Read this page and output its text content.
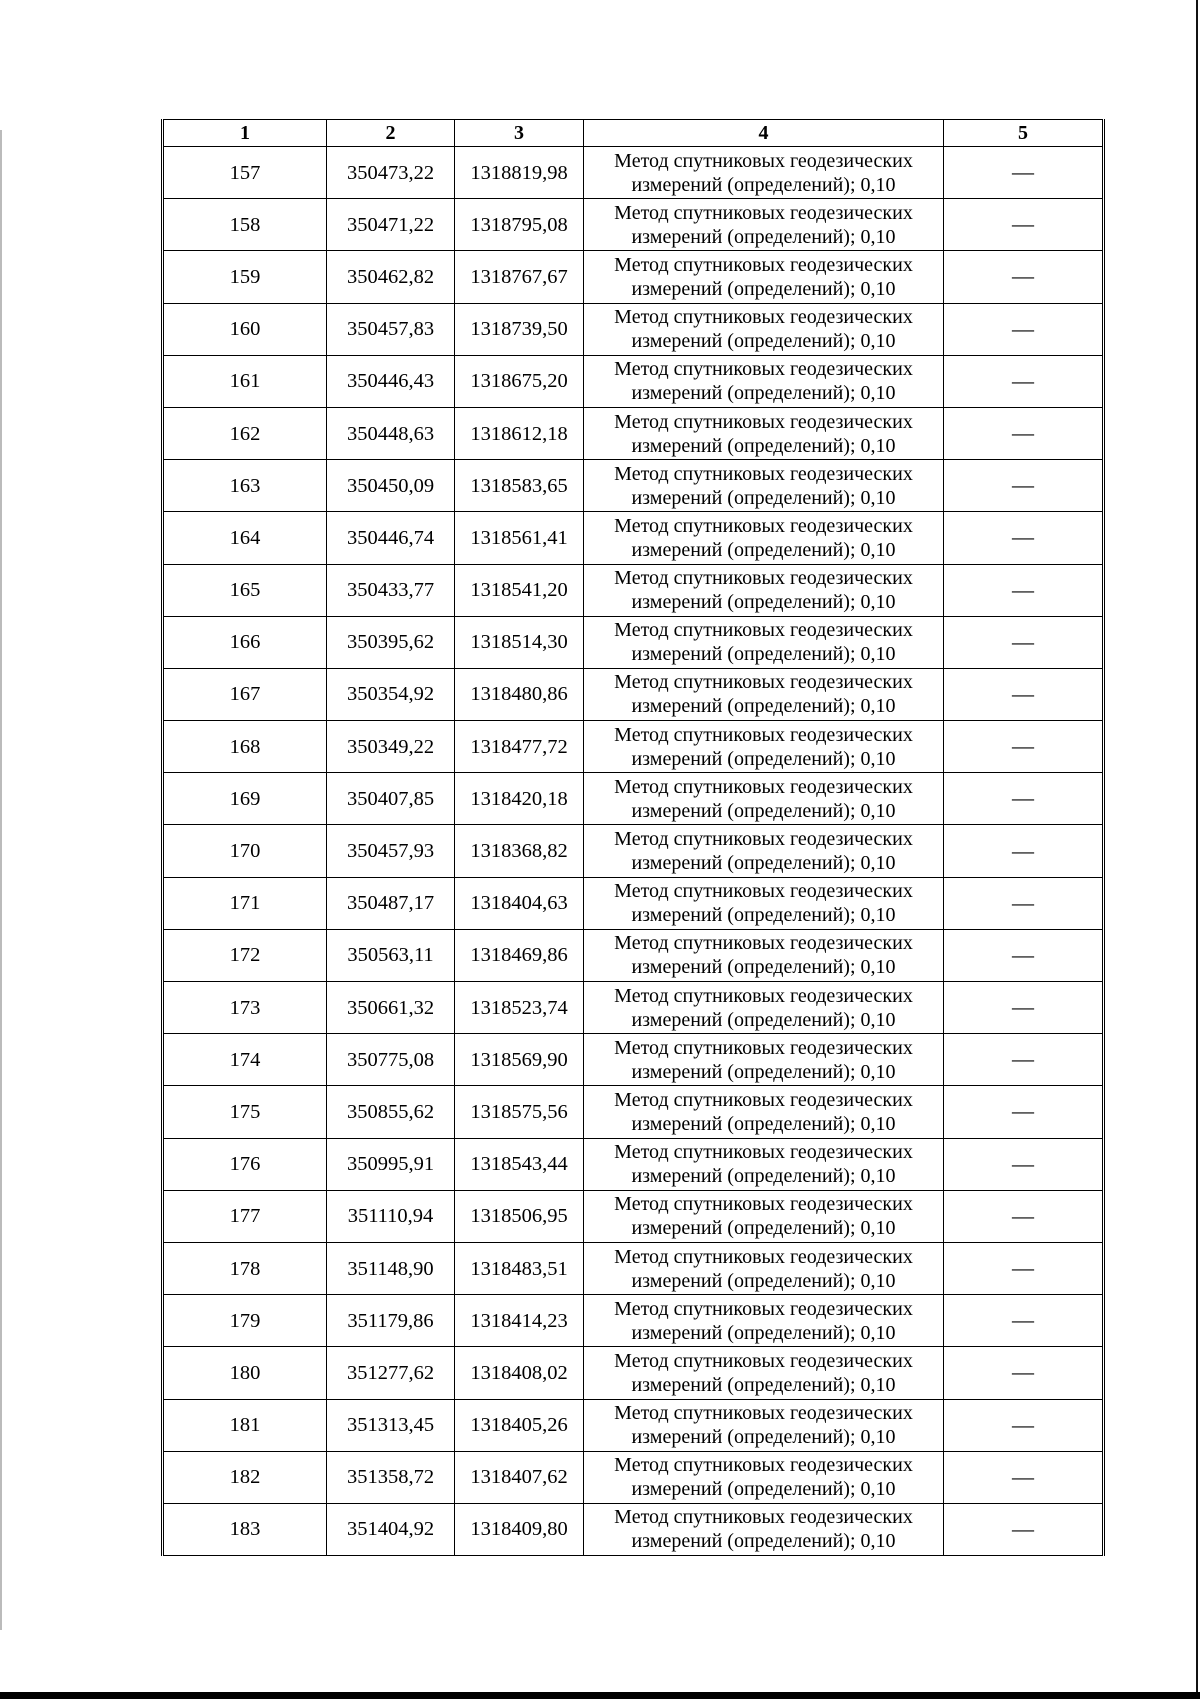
1	2	3	4	5
157	350473,22	1318819,98	Метод спутниковых геодезических
измерений (определений); 0,10	—
158	350471,22	1318795,08	Метод спутниковых геодезических
измерений (определений); 0,10	—
159	350462,82	1318767,67	Метод спутниковых геодезических
измерений (определений); 0,10	—
160	350457,83	1318739,50	Метод спутниковых геодезических
измерений (определений); 0,10	—
161	350446,43	1318675,20	Метод спутниковых геодезических
измерений (определений); 0,10	—
162	350448,63	1318612,18	Метод спутниковых геодезических
измерений (определений); 0,10	—
163	350450,09	1318583,65	Метод спутниковых геодезических
измерений (определений); 0,10	—
164	350446,74	1318561,41	Метод спутниковых геодезических
измерений (определений); 0,10	—
165	350433,77	1318541,20	Метод спутниковых геодезических
измерений (определений); 0,10	—
166	350395,62	1318514,30	Метод спутниковых геодезических
измерений (определений); 0,10	—
167	350354,92	1318480,86	Метод спутниковых геодезических
измерений (определений); 0,10	—
168	350349,22	1318477,72	Метод спутниковых геодезических
измерений (определений); 0,10	—
169	350407,85	1318420,18	Метод спутниковых геодезических
измерений (определений); 0,10	—
170	350457,93	1318368,82	Метод спутниковых геодезических
измерений (определений); 0,10	—
171	350487,17	1318404,63	Метод спутниковых геодезических
измерений (определений); 0,10	—
172	350563,11	1318469,86	Метод спутниковых геодезических
измерений (определений); 0,10	—
173	350661,32	1318523,74	Метод спутниковых геодезических
измерений (определений); 0,10	—
174	350775,08	1318569,90	Метод спутниковых геодезических
измерений (определений); 0,10	—
175	350855,62	1318575,56	Метод спутниковых геодезических
измерений (определений); 0,10	—
176	350995,91	1318543,44	Метод спутниковых геодезических
измерений (определений); 0,10	—
177	351110,94	1318506,95	Метод спутниковых геодезических
измерений (определений); 0,10	—
178	351148,90	1318483,51	Метод спутниковых геодезических
измерений (определений); 0,10	—
179	351179,86	1318414,23	Метод спутниковых геодезических
измерений (определений); 0,10	—
180	351277,62	1318408,02	Метод спутниковых геодезических
измерений (определений); 0,10	—
181	351313,45	1318405,26	Метод спутниковых геодезических
измерений (определений); 0,10	—
182	351358,72	1318407,62	Метод спутниковых геодезических
измерений (определений); 0,10	—
183	351404,92	1318409,80	Метод спутниковых геодезических
измерений (определений); 0,10	—
